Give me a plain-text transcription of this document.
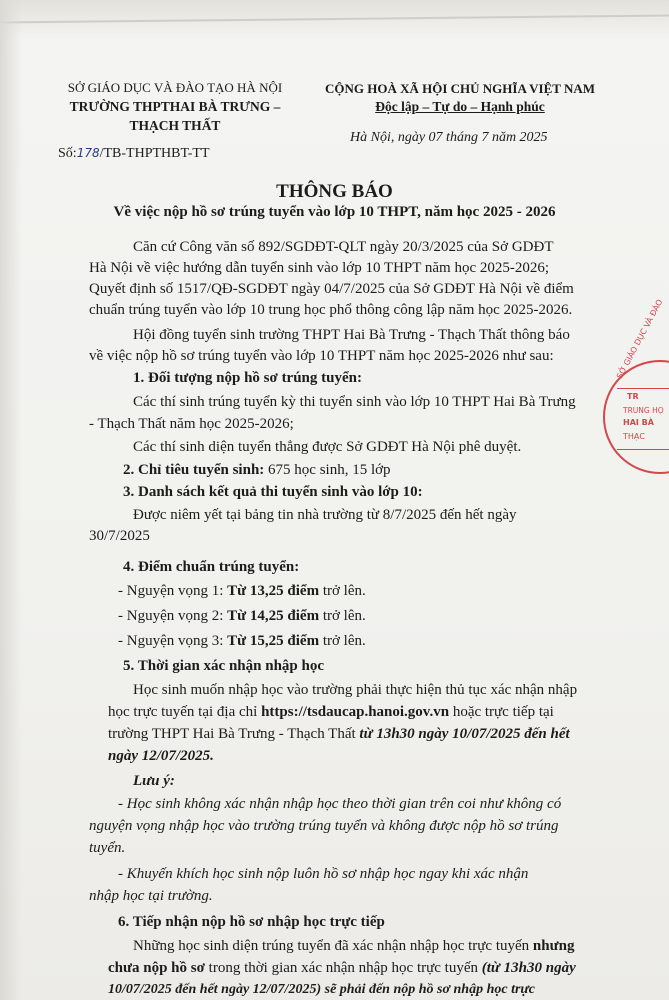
SỞ GIÁO DỤC VÀ ĐÀO TẠO HÀ NỘI
TRƯỜNG THPTHAI BÀ TRƯNG –
THẠCH THẤT
CỘNG HOÀ XÃ HỘI CHỦ NGHĨA VIỆT NAM
Độc lập – Tự do – Hạnh phúc
Số:178/TB-THPTHBT-TT
Hà Nội, ngày 07 tháng 7 năm 2025
THÔNG BÁO
Về việc nộp hồ sơ trúng tuyển vào lớp 10 THPT, năm học 2025 - 2026
Căn cứ Công văn số 892/SGDĐT-QLT ngày 20/3/2025 của Sở GDĐT
Hà Nội về việc hướng dẫn tuyển sinh vào lớp 10 THPT năm học 2025-2026;
Quyết định số 1517/QĐ-SGDĐT ngày 04/7/2025 của Sở GDĐT Hà Nội về điểm
chuẩn trúng tuyển vào lớp 10 trung học phổ thông công lập năm học 2025-2026.
Hội đồng tuyển sinh trường THPT Hai Bà Trưng - Thạch Thất thông báo
về việc nộp hồ sơ trúng tuyển vào lớp 10 THPT năm học 2025-2026 như sau:
1. Đối tượng nộp hồ sơ trúng tuyển:
Các thí sinh trúng tuyển kỳ thi tuyển sinh vào lớp 10 THPT Hai Bà Trưng
- Thạch Thất năm học 2025-2026;
Các thí sinh diện tuyển thẳng được Sở GDĐT Hà Nội phê duyệt.
2. Chỉ tiêu tuyển sinh: 675 học sinh, 15 lớp
3. Danh sách kết quả thi tuyển sinh vào lớp 10:
Được niêm yết tại bảng tin nhà trường từ 8/7/2025 đến hết ngày
30/7/2025
4. Điểm chuẩn trúng tuyển:
- Nguyện vọng 1: Từ 13,25 điểm trở lên.
- Nguyện vọng 2: Từ 14,25 điểm trở lên.
- Nguyện vọng 3: Từ 15,25 điểm trở lên.
5. Thời gian xác nhận nhập học
Học sinh muốn nhập học vào trường phải thực hiện thủ tục xác nhận nhập
học trực tuyến tại địa chỉ https://tsdaucap.hanoi.gov.vn hoặc trực tiếp tại
trường THPT Hai Bà Trưng - Thạch Thất từ 13h30 ngày 10/07/2025 đến hết
ngày 12/07/2025.
Lưu ý:
- Học sinh không xác nhận nhập học theo thời gian trên coi như không có
nguyện vọng nhập học vào trường trúng tuyển và không được nộp hồ sơ trúng
tuyển.
- Khuyến khích học sinh nộp luôn hồ sơ nhập học ngay khi xác nhận
nhập học tại trường.
6. Tiếp nhận nộp hồ sơ nhập học trực tiếp
Những học sinh diện trúng tuyển đã xác nhận nhập học trực tuyến nhưng
chưa nộp hồ sơ trong thời gian xác nhận nhập học trực tuyến (từ 13h30 ngày
10/07/2025 đến hết ngày 12/07/2025) sẽ phải đến nộp hồ sơ nhập học trực
SỞ GIÁO DỤC VÀ ĐÀO
TR
TRUNG HỌ
HAI BÀ
THẠC
